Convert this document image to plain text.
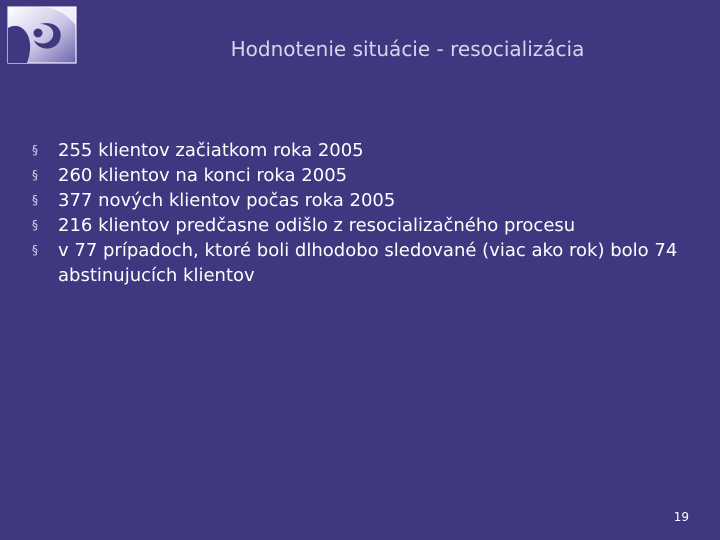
Hodnotenie situácie - resocializácia
§	255 klientov začiatkom roka 2005
§	260 klientov na konci roka 2005
§	377 nových klientov počas roka 2005
§	216 klientov predčasne odišlo z resocializačného procesu
§	v 77 prípadoch, ktoré boli dlhodobo sledované (viac ako rok) bolo 74 abstinujucích klientov
19
